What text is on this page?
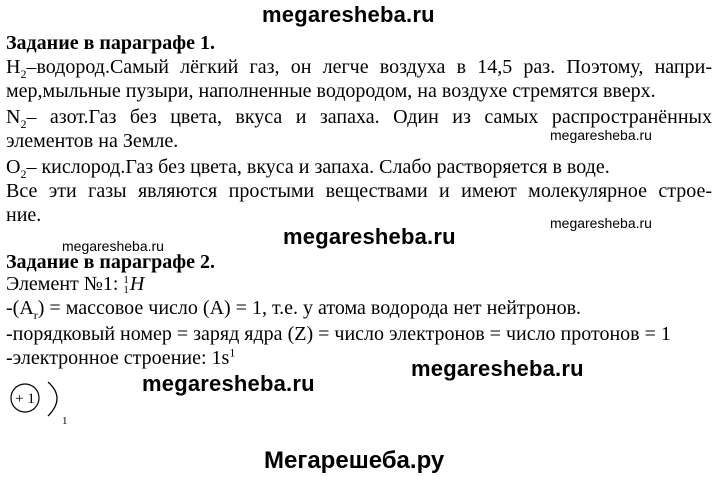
megaresheba.ru
Задание в параграфе 1.
$H_2-водород.Самый$ лёгкий газ, он легче воздуха в 14,5 раз. Поэтому, напри-
мер,мыльные пузыри, наполненные водородом, на воздухе стремятся вверх.
$N_2-$ азот.Газ без цвета, вкуса и запаха. Один из самых распространённых
элементов на Земле.	megaresheba.ru
$O_2-$ кислород.Газ без цвета, вкуса и запаха. Слабо растворяется в воде.
Все эти газы являются простыми веществами и имеют молекулярное строе-
ние.	megaresheba.ru
megaresheba.ru
megaresheba.ru
Задание в параграфе 2.
Элемент №1: 1
1 H
$-(A_r)$ = массовое число (A) = 1, т.е. у атома водорода нет нейтронов.
-порядковый номер = заряд ядра (Z) = число электронов = число протонов = 1
-электронное строение: $1s^1$
megaresheba.ru
megaresheba.ru
+ 1
1
Мегарешеба.ру
